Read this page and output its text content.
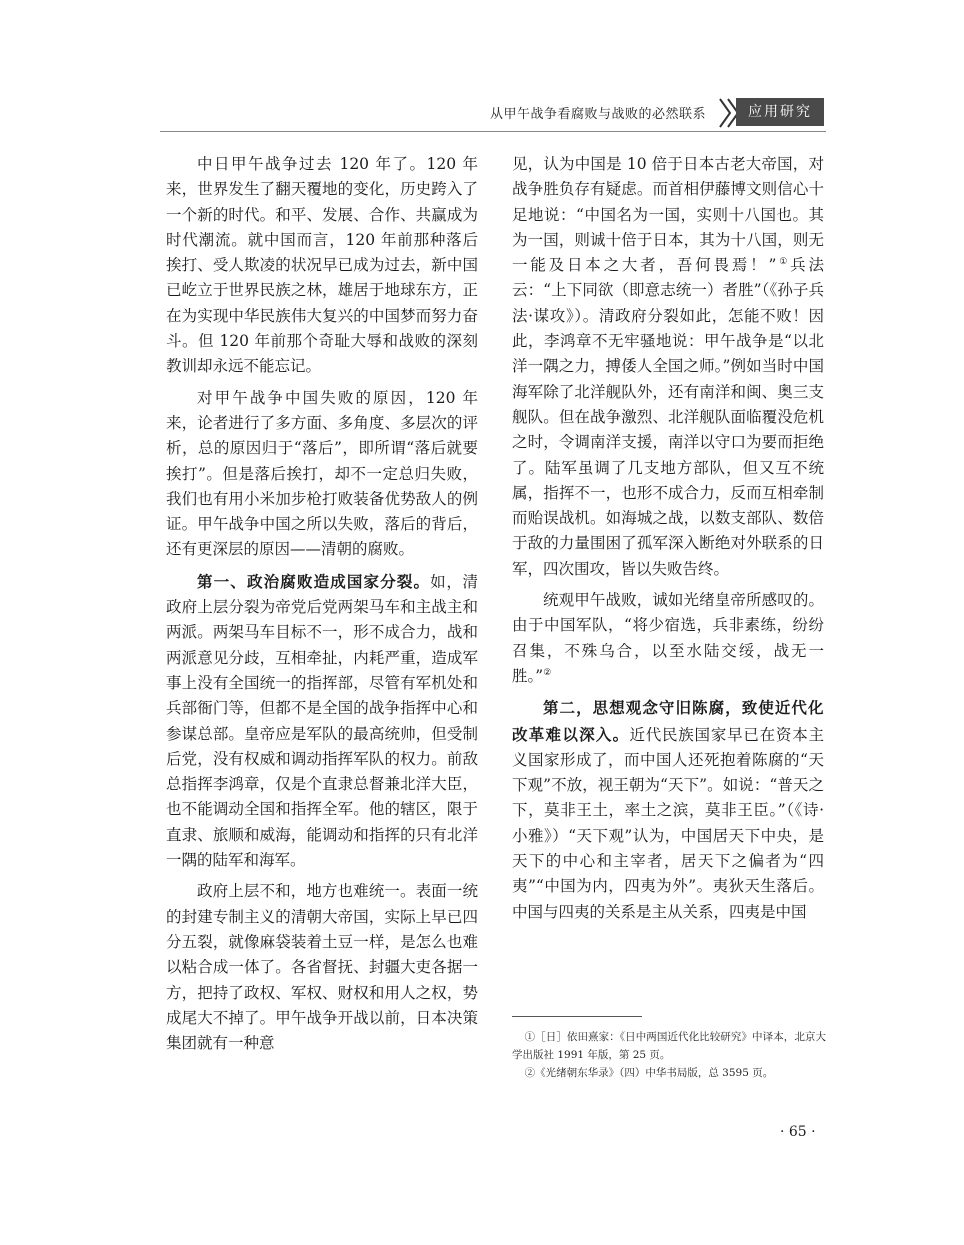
从甲午战争看腐败与战败的必然联系	应用研究

中日甲午战争过去 120 年了。120 年来，世界发生了翻天覆地的变化，历史跨入了一个新的时代。和平、发展、合作、共赢成为时代潮流。就中国而言，120 年前那种落后挨打、受人欺凌的状况早已成为过去，新中国已屹立于世界民族之林，雄居于地球东方，正在为实现中华民族伟大复兴的中国梦而努力奋斗。但 120 年前那个奇耻大辱和战败的深刻教训却永远不能忘记。

对甲午战争中国失败的原因，120 年来，论者进行了多方面、多角度、多层次的评析，总的原因归于“落后”，即所谓“落后就要挨打”。但是落后挨打，却不一定总归失败，我们也有用小米加步枪打败装备优势敌人的例证。甲午战争中国之所以失败，落后的背后，还有更深层的原因——清朝的腐败。

第一、政治腐败造成国家分裂。如，清政府上层分裂为帝党后党两架马车和主战主和两派。两架马车目标不一，形不成合力，战和两派意见分歧，互相牵扯，内耗严重，造成军事上没有全国统一的指挥部，尽管有军机处和兵部衙门等，但都不是全国的战争指挥中心和参谋总部。皇帝应是军队的最高统帅，但受制后党，没有权威和调动指挥军队的权力。前敌总指挥李鸿章，仅是个直隶总督兼北洋大臣，也不能调动全国和指挥全军。他的辖区，限于直隶、旅顺和威海，能调动和指挥的只有北洋一隅的陆军和海军。

政府上层不和，地方也难统一。表面一统的封建专制主义的清朝大帝国，实际上早已四分五裂，就像麻袋装着土豆一样，是怎么也难以粘合成一体了。各省督抚、封疆大吏各据一方，把持了政权、军权、财权和用人之权，势成尾大不掉了。甲午战争开战以前，日本决策集团就有一种意

见，认为中国是 10 倍于日本古老大帝国，对战争胜负存有疑虑。而首相伊藤博文则信心十足地说：“中国名为一国，实则十八国也。其为一国，则诚十倍于日本，其为十八国，则无一能及日本之大者，吾何畏焉！”①兵法云：“上下同欲（即意志统一）者胜”（《孙子兵法·谋攻》）。清政府分裂如此，怎能不败！因此，李鸿章不无牢骚地说：甲午战争是“以北洋一隅之力，搏倭人全国之师。”例如当时中国海军除了北洋舰队外，还有南洋和闽、奥三支舰队。但在战争激烈、北洋舰队面临覆没危机之时，令调南洋支援，南洋以守口为要而拒绝了。陆军虽调了几支地方部队，但又互不统属，指挥不一，也形不成合力，反而互相牵制而贻误战机。如海城之战，以数支部队、数倍于敌的力量围困了孤军深入断绝对外联系的日军，四次围攻，皆以失败告终。

统观甲午战败，诚如光绪皇帝所感叹的。由于中国军队，“将少宿选，兵非素练，纷纷召集，不殊乌合，以至水陆交绥，战无一胜。”②

第二，思想观念守旧陈腐，致使近代化改革难以深入。近代民族国家早已在资本主义国家形成了，而中国人还死抱着陈腐的“天下观”不放，视王朝为“天下”。如说：“普天之下，莫非王土，率土之滨，莫非王臣。”（《诗·小雅》）“天下观”认为，中国居天下中央，是天下的中心和主宰者，居天下之偏者为“四夷”“中国为内，四夷为外”。夷狄天生落后。中国与四夷的关系是主从关系，四夷是中国

①［日］依田熹家：《日中两国近代化比较研究》中译本，北京大学出版社 1991 年版，第 25 页。

②《光绪朝东华录》（四）中华书局版，总 3595 页。

· 65 ·
